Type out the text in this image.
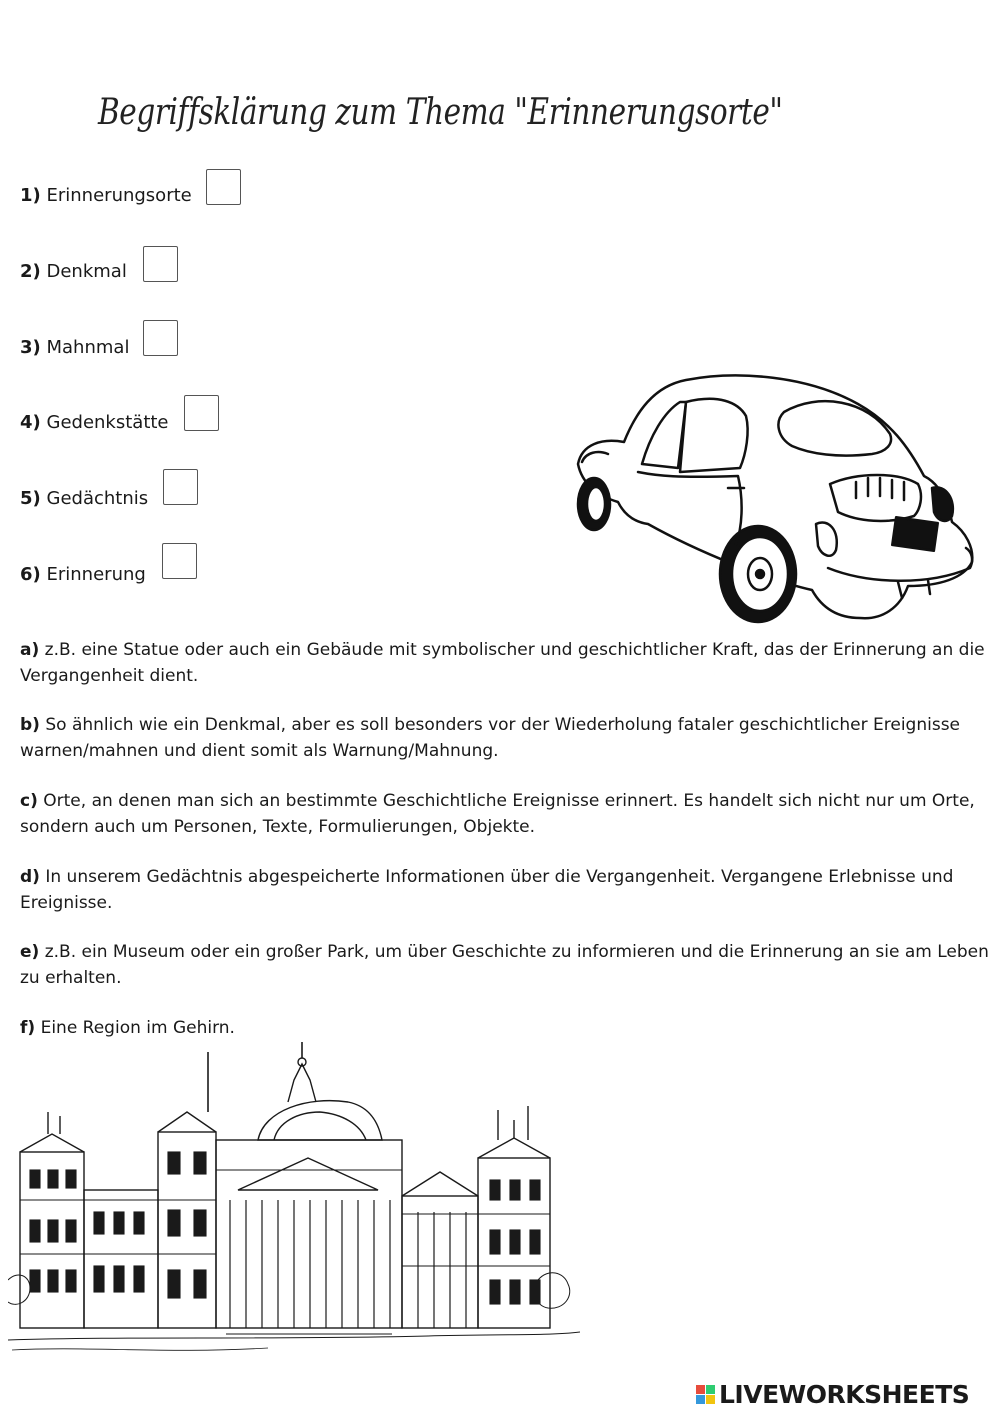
Begriffsklärung zum Thema "Erinnerungsorte"
1) Erinnerungsorte
2) Denkmal
3) Mahnmal
4) Gedenkstätte
5) Gedächtnis
6) Erinnerung
a) z.B. eine Statue oder auch ein Gebäude mit symbolischer und geschichtlicher Kraft, das der Erinnerung an die Vergangenheit dient.
b) So ähnlich wie ein Denkmal, aber es soll besonders vor der Wiederholung fataler geschichtlicher Ereignisse warnen/mahnen und dient somit als Warnung/Mahnung.
c) Orte, an denen man sich an bestimmte Geschichtliche Ereignisse erinnert. Es handelt sich nicht nur um Orte, sondern auch um Personen, Texte, Formulierungen, Objekte.
d) In unserem Gedächtnis abgespeicherte Informationen über die Vergangenheit. Vergangene Erlebnisse und Ereignisse.
e) z.B. ein Museum oder ein großer Park, um über Geschichte zu informieren und die Erinnerung an sie am Leben zu erhalten.
f) Eine Region im Gehirn.
LIVEWORKSHEETS
